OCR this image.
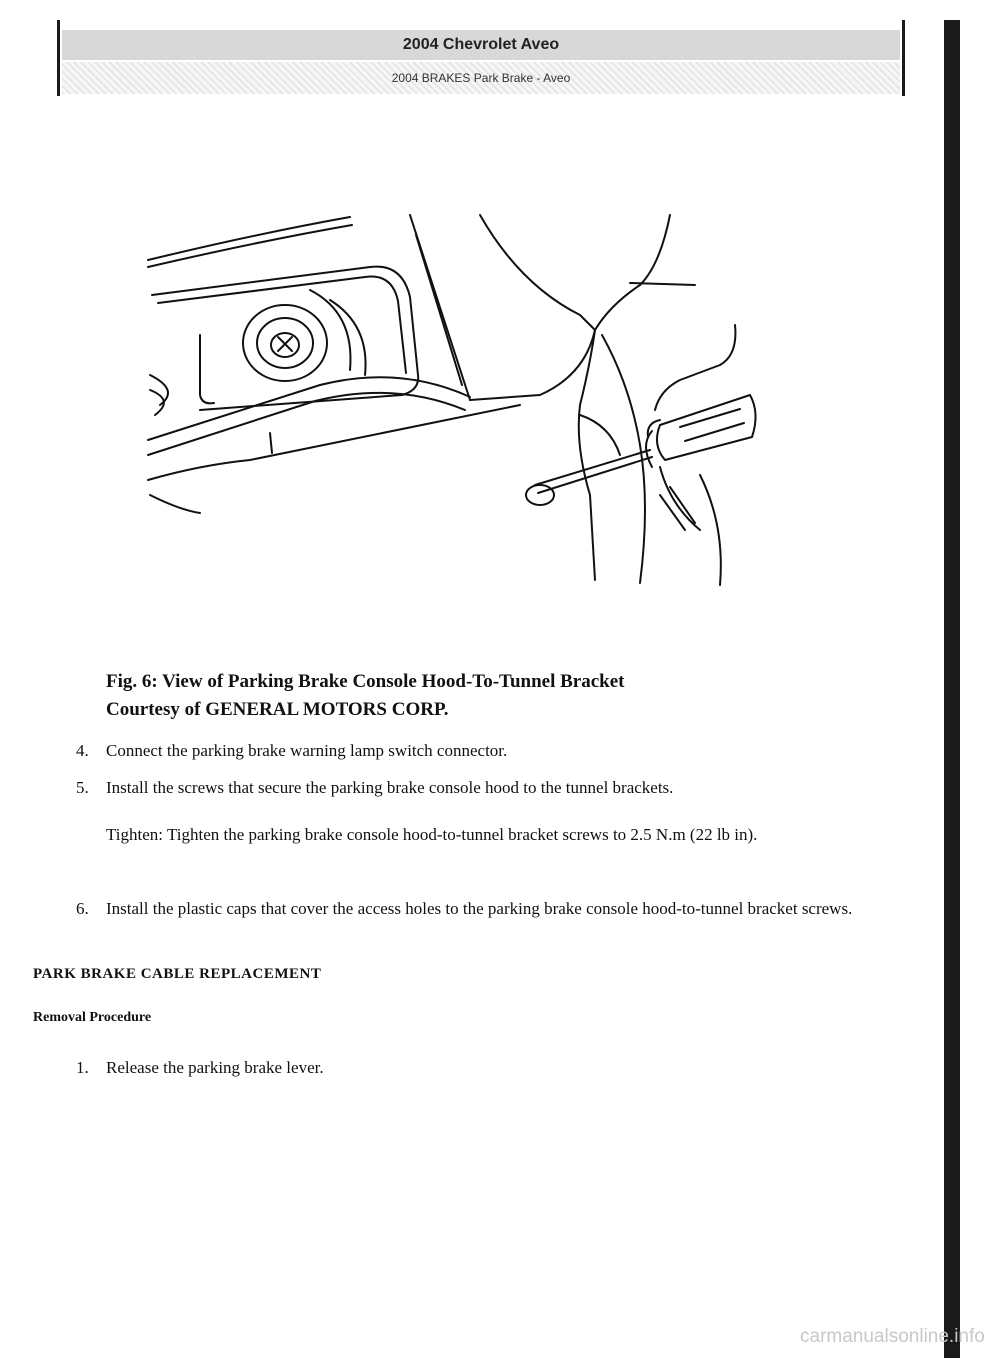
2004 Chevrolet Aveo
2004 BRAKES Park Brake - Aveo
Fig. 6: View of Parking Brake Console Hood-To-Tunnel Bracket
Courtesy of GENERAL MOTORS CORP.
4. Connect the parking brake warning lamp switch connector.
5. Install the screws that secure the parking brake console hood to the tunnel brackets.
Tighten: Tighten the parking brake console hood-to-tunnel bracket screws to 2.5 N.m (22 lb in).
6. Install the plastic caps that cover the access holes to the parking brake console hood-to-tunnel bracket screws.
PARK BRAKE CABLE REPLACEMENT
Removal Procedure
1. Release the parking brake lever.
carmanualsonline.info
